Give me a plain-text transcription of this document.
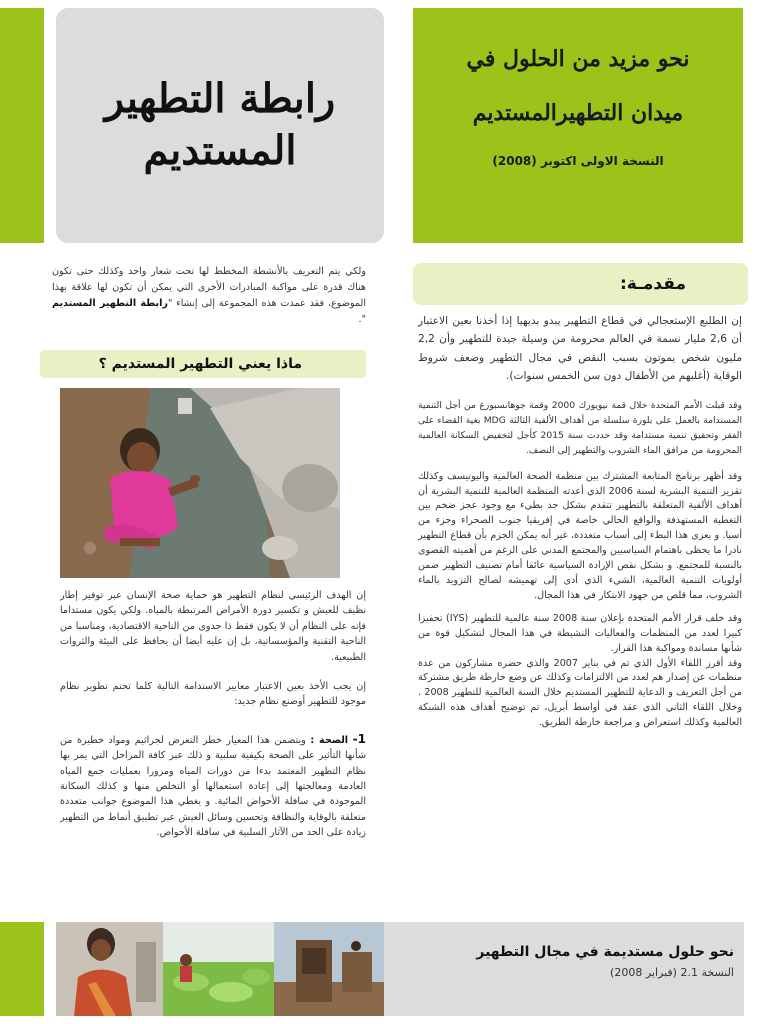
رابطة التطهير
المستديم
نحو مزيد من الحلول في
ميدان التطهيرالمستديم
النسخة الاولى اكتوبر (2008)
مقدمـة:

إن الطلبع الإستعجالي في قطاع التطهير يبدو بديهيا إذا أخذنا بعين الاعتبار أن 2,6 مليار نسمة في العالم محرومة من وسيلة جيدة للتطهير وأن 2,2 مليون شخص يموتون بسبب النقص في مجال التطهير وضعف شروط الوقاية (أغلبهم من الأطفال دون سن الخمس سنوات).

وقد قبلت الأمم المتحدة خلال قمة نيويورك 2000 وقمة جوهانسبورغ من أجل التنمية المستدامة بالعمل على بلورة سلسلة من أهداف الألفية الثالثة MDG بغية القضاء على الفقر وتحقيق تنمية مستدامة وقد حددت سنة 2015 كأجل لتخفيض السكانة العالمية المحرومة من مرافق الماء الشروب والتطهير إلى النصف.

وقد أظهر برنامج المتابعة المشترك بين منظمة الصحة العالمية واليونيسف وكذلك تقرير التنمية البشرية لسنة 2006 الذي أعدته المنظمة العالمية للتنمية البشرية أن أهداف الألفية المتعلقة بالتطهير تتقدم بشكل جد بطيء مع وجود عجز ضخم بين التغطية المستهدفة والواقع الحالي خاصة في إفريقيا جنوب الصحراء وجزء من أسيا. و يعزى هذا البطء إلى أسباب متعددة، غير أنه يمكن الجزم بأن قطاع التطهير نادرا ما يحظى باهتمام السياسيين والمجتمع المدني على الرغم من أهميته القصوى بالنسبة للمجتمع. و بشكل نقص الإرادة السياسية عائقا أمام تصنيف التطهير ضمن أولويات التنمية العالمية، الشيء الذي أدى إلى تهميشه لصالح التزويد بالماء الشروب، مما قلص من جهود الابتكار في هذا المجال.

وقد خلف قرار الأمم المتحدة بإعلان سنة 2008 سنة عالمية للتطهير (IYS) تحفيزا كبيرا لعدد من المنظمات والفعاليات النشيطة في هذا المجال لتشكيل قوة من شأنها مساندة ومواكبة هذا القرار.

وقد أقرز اللقاء الأول الذي تم في يناير 2007 والذي حضره مشاركون من عدة منظمات عن إصدار هم لعدد من الالتزامات وكذلك عن وضع خارطة طريق مشتركة من أجل التعريف و الدعاية للتطهير المستديم خلال السنة العالمية للتطهير 2008 . وخلال اللقاء الثاني الذي عقد في أواسط أبريل، تم توضيح أهداف هذه الشبكة العالمية وكذلك استعراض و مراجعة خارطة الطريق.

ولكي يتم التعريف بالأنشطة المخطط لها تحت شعار واحد وكذلك حتى تكون هناك قدرة على مواكبة المبادرات الأخرى التي يمكن أن تكون لها علاقة بهذا الموضوع، فقد عمدت هذه المجموعة إلى إنشاء "رابطة التطهير المستديم ".
ماذا يعني التطهير المستديم ؟

إن الهدف الرئيسي لنظام التطهير هو حماية صحة الإنسان عبر توفير إطار نظيف للعيش و تكسير دورة الأمراض المرتبطة بالمياه. ولكي يكون مستداما فإنه على النظام أن لا يكون فقط ذا جدوى من الناحية الاقتصادية، ومناسبا من الناحية التقنية والمؤسساتية، بل إن عليه أيضا أن يحافظ على البيئة والثروات الطبيعية.

إن يجب الأخذ بعين الاعتبار معايير الاستدامة التالية كلما تحتم تطوير نظام موجود للتطهير أوصنع نظام جديد:

1- الصحة : ويتضمن هذا المعيار خطر التعرض لجراثيم ومواد خطيرة من شأنها التأثير على الصحة بكيفية سلبية و ذلك عبر كافة المراحل التي يمر بها نظام التطهير المعتمد بدءا من دورات المياه ومرورا بعمليات جمع المياه العادمة ومعالجتها إلى إعادة استعمالها أو التخلص منها و كذلك السكانة الموجودة في سافلة الأحواض المائية. و يغطي هذا الموضوع جوانب متعددة متعلقة بالوقاية والنظافة وتحسين وسائل العيش عبر تطبيق أنماط من التطهير زيادة على الحد من الآثار السلبية في سافلة الأحواض.

نحو حلول مستديمة في مجال التطهير
النسخة 2.1 (فبراير 2008)
